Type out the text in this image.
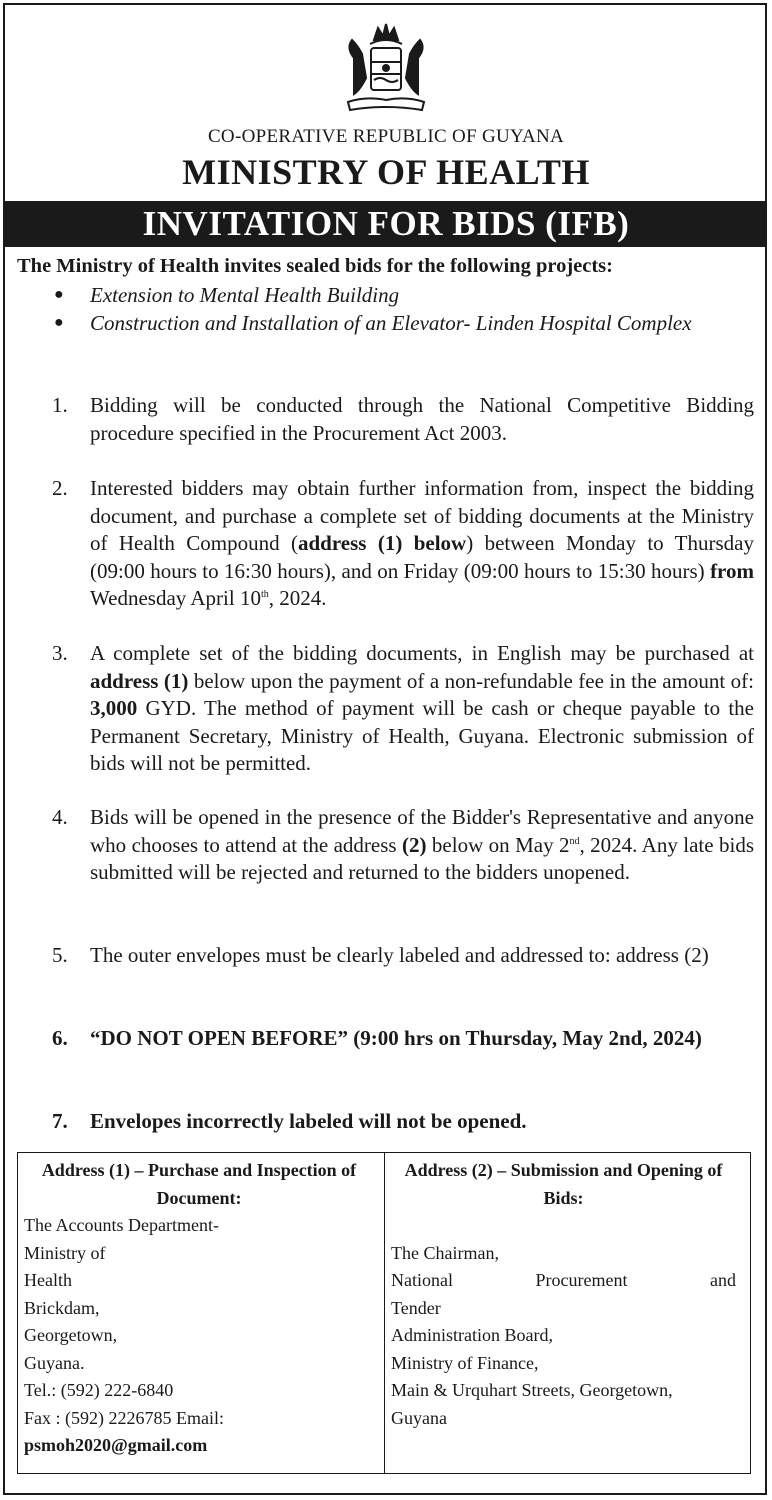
CO-OPERATIVE REPUBLIC OF GUYANA
MINISTRY OF HEALTH
INVITATION FOR BIDS (IFB)
The Ministry of Health invites sealed bids for the following projects:
● Extension to Mental Health Building
● Construction and Installation of an Elevator- Linden Hospital Complex
1. Bidding will be conducted through the National Competitive Bidding procedure specified in the Procurement Act 2003.
2. Interested bidders may obtain further information from, inspect the bidding document, and purchase a complete set of bidding documents at the Ministry of Health Compound (address (1) below) between Monday to Thursday (09:00 hours to 16:30 hours), and on Friday (09:00 hours to 15:30 hours) from Wednesday April 10th, 2024.
3. A complete set of the bidding documents, in English may be purchased at address (1) below upon the payment of a non-refundable fee in the amount of: 3,000 GYD. The method of payment will be cash or cheque payable to the Permanent Secretary, Ministry of Health, Guyana. Electronic submission of bids will not be permitted.
4. Bids will be opened in the presence of the Bidder's Representative and anyone who chooses to attend at the address (2) below on May 2nd, 2024. Any late bids submitted will be rejected and returned to the bidders unopened.
5. The outer envelopes must be clearly labeled and addressed to: address (2)
6. “DO NOT OPEN BEFORE” (9:00 hrs on Thursday, May 2nd, 2024)
7. Envelopes incorrectly labeled will not be opened.
Address (1) – Purchase and Inspection of Document:
The Accounts Department-
Ministry of
Health
Brickdam,
Georgetown,
Guyana.
Tel.: (592) 222-6840
Fax : (592) 2226785 Email:
psmoh2020@gmail.com
Address (2) – Submission and Opening of Bids:
The Chairman,
National	Procurement	and
Tender
Administration Board,
Ministry of Finance,
Main & Urquhart Streets, Georgetown,
Guyana
